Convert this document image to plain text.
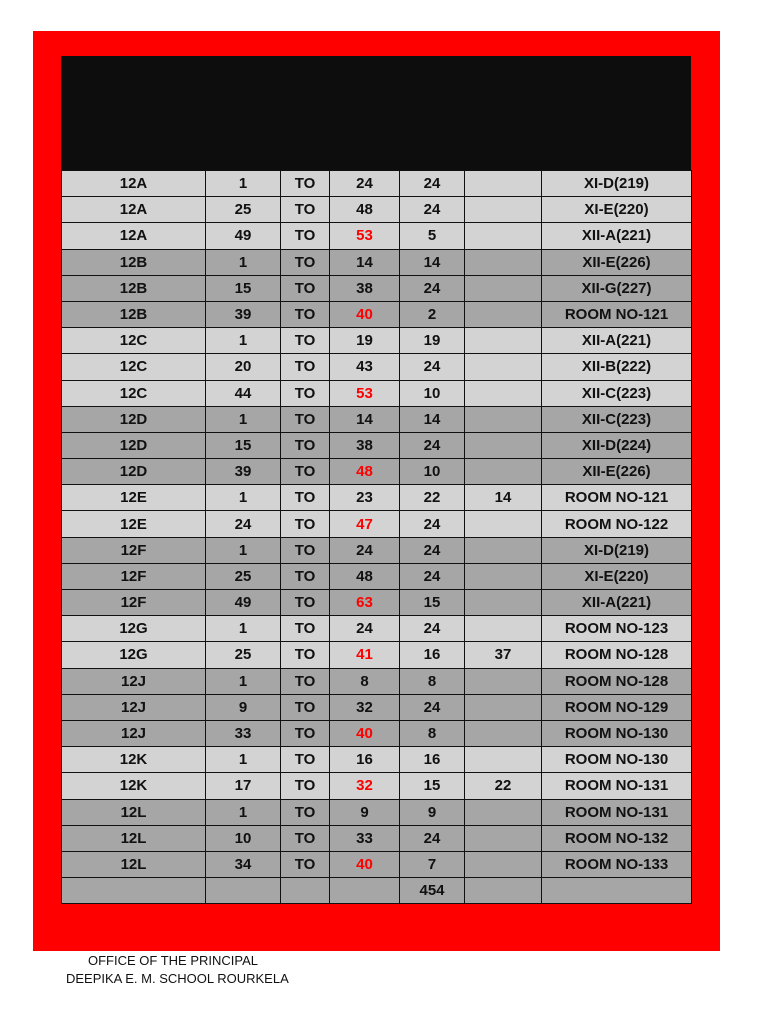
12A	1	TO	24	24		XI-D(219)
12A	25	TO	48	24		XI-E(220)
12A	49	TO	53	5		XII-A(221)
12B	1	TO	14	14		XII-E(226)
12B	15	TO	38	24		XII-G(227)
12B	39	TO	40	2		ROOM NO-121
12C	1	TO	19	19		XII-A(221)
12C	20	TO	43	24		XII-B(222)
12C	44	TO	53	10		XII-C(223)
12D	1	TO	14	14		XII-C(223)
12D	15	TO	38	24		XII-D(224)
12D	39	TO	48	10		XII-E(226)
12E	1	TO	23	22	14	ROOM NO-121
12E	24	TO	47	24		ROOM NO-122
12F	1	TO	24	24		XI-D(219)
12F	25	TO	48	24		XI-E(220)
12F	49	TO	63	15		XII-A(221)
12G	1	TO	24	24		ROOM NO-123
12G	25	TO	41	16	37	ROOM NO-128
12J	1	TO	8	8		ROOM NO-128
12J	9	TO	32	24		ROOM NO-129
12J	33	TO	40	8		ROOM NO-130
12K	1	TO	16	16		ROOM NO-130
12K	17	TO	32	15	22	ROOM NO-131
12L	1	TO	9	9		ROOM NO-131
12L	10	TO	33	24		ROOM NO-132
12L	34	TO	40	7		ROOM NO-133
				454		
OFFICE OF THE PRINCIPAL
DEEPIKA E. M. SCHOOL ROURKELA
